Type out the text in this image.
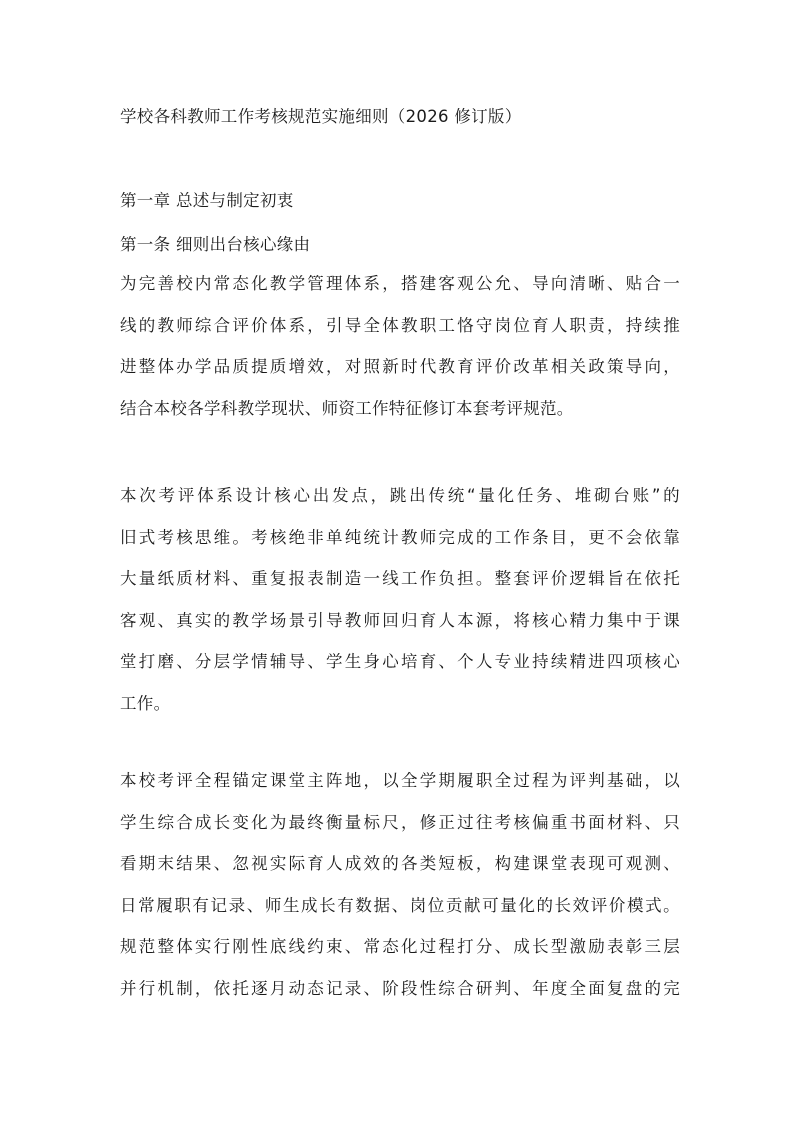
学校各科教师工作考核规范实施细则（2026 修订版）
第一章 总述与制定初衷
第一条 细则出台核心缘由
为完善校内常态化教学管理体系，搭建客观公允、导向清晰、贴合一
线的教师综合评价体系，引导全体教职工恪守岗位育人职责，持续推
进整体办学品质提质增效，对照新时代教育评价改革相关政策导向，
结合本校各学科教学现状、师资工作特征修订本套考评规范。
本次考评体系设计核心出发点，跳出传统“量化任务、堆砌台账”的
旧式考核思维。考核绝非单纯统计教师完成的工作条目，更不会依靠
大量纸质材料、重复报表制造一线工作负担。整套评价逻辑旨在依托
客观、真实的教学场景引导教师回归育人本源，将核心精力集中于课
堂打磨、分层学情辅导、学生身心培育、个人专业持续精进四项核心
工作。
本校考评全程锚定课堂主阵地，以全学期履职全过程为评判基础，以
学生综合成长变化为最终衡量标尺，修正过往考核偏重书面材料、只
看期末结果、忽视实际育人成效的各类短板，构建课堂表现可观测、
日常履职有记录、师生成长有数据、岗位贡献可量化的长效评价模式。
规范整体实行刚性底线约束、常态化过程打分、成长型激励表彰三层
并行机制，依托逐月动态记录、阶段性综合研判、年度全面复盘的完
